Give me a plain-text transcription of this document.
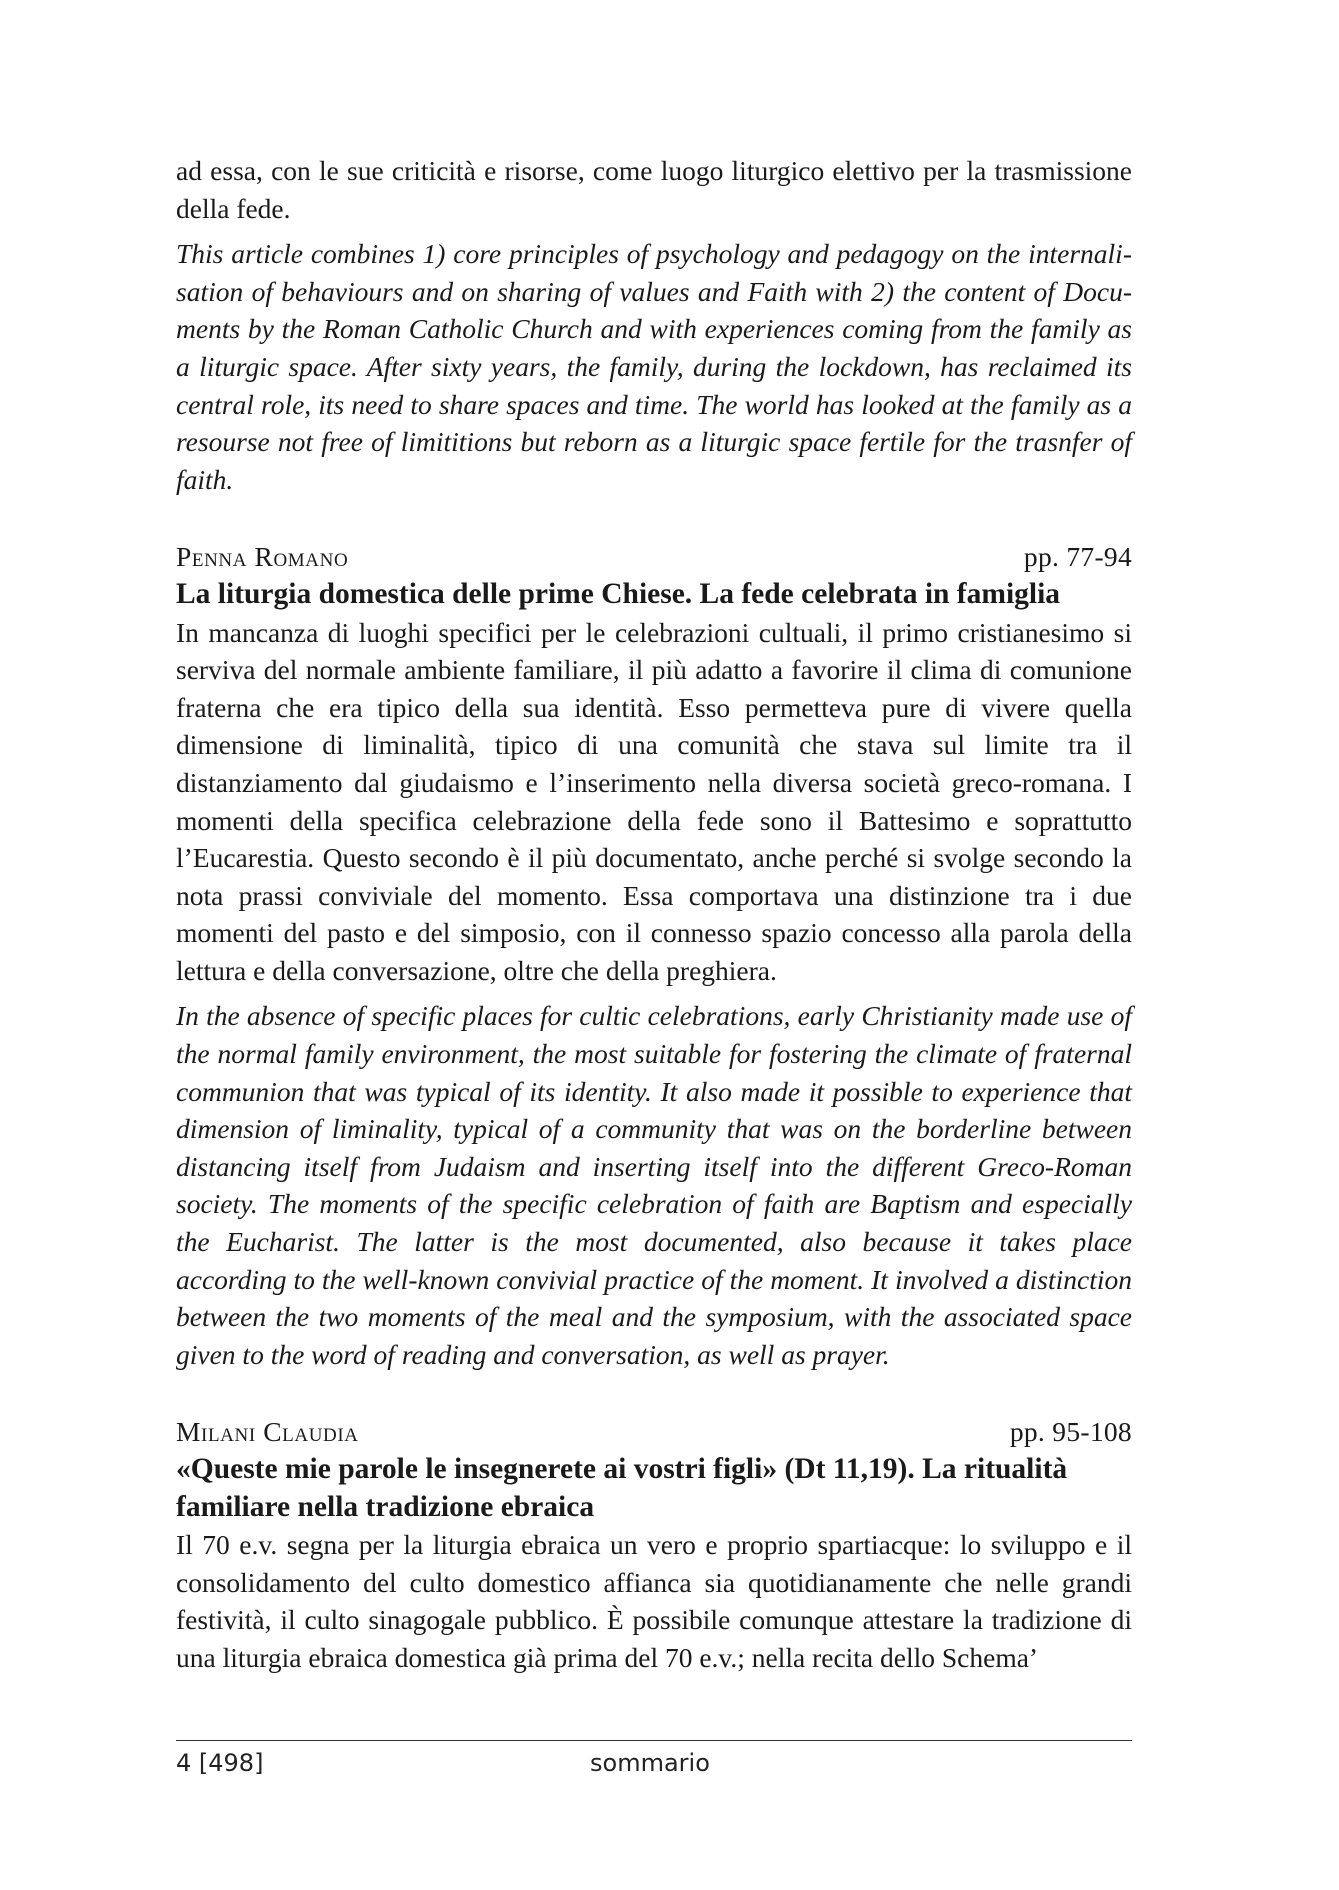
ad essa, con le sue criticità e risorse, come luogo liturgico elettivo per la trasmissione della fede.

This article combines 1) core principles of psychology and pedagogy on the internalisation of behaviours and on sharing of values and Faith with 2) the content of Documents by the Roman Catholic Church and with experiences coming from the family as a liturgic space. After sixty years, the family, during the lockdown, has reclaimed its central role, its need to share spaces and time. The world has looked at the family as a resourse not free of limititions but reborn as a liturgic space fertile for the trasnfer of faith.

Penna Romano	pp. 77-94
La liturgia domestica delle prime Chiese. La fede celebrata in famiglia

In mancanza di luoghi specifici per le celebrazioni cultuali, il primo cristianesimo si serviva del normale ambiente familiare, il più adatto a favorire il clima di comunione fraterna che era tipico della sua identità. Esso permetteva pure di vivere quella dimensione di liminalità, tipico di una comunità che stava sul limite tra il distanziamento dal giudaismo e l’inserimento nella diversa società greco-romana. I momenti della specifica celebrazione della fede sono il Battesimo e soprattutto l’Eucarestia. Questo secondo è il più documentato, anche perché si svolge secondo la nota prassi conviviale del momento. Essa comportava una distinzione tra i due momenti del pasto e del simposio, con il connesso spazio concesso alla parola della lettura e della conversazione, oltre che della preghiera.

In the absence of specific places for cultic celebrations, early Christianity made use of the normal family environment, the most suitable for fostering the climate of fraternal communion that was typical of its identity. It also made it possible to experience that dimension of liminality, typical of a community that was on the borderline between distancing itself from Judaism and inserting itself into the different Greco-Roman society. The moments of the specific celebration of faith are Baptism and especially the Eucharist. The latter is the most documented, also because it takes place according to the well-known convivial practice of the moment. It involved a distinction between the two moments of the meal and the symposium, with the associated space given to the word of reading and conversation, as well as prayer.

Milani Claudia	pp. 95-108
«Queste mie parole le insegnerete ai vostri figli» (Dt 11,19). La ritualità familiare nella tradizione ebraica

Il 70 e.v. segna per la liturgia ebraica un vero e proprio spartiacque: lo sviluppo e il consolidamento del culto domestico affianca sia quotidianamente che nelle grandi festività, il culto sinagogale pubblico. È possibile comunque attestare la tradizione di una liturgia ebraica domestica già prima del 70 e.v.; nella recita dello Schema’

4 [498]	sommario
